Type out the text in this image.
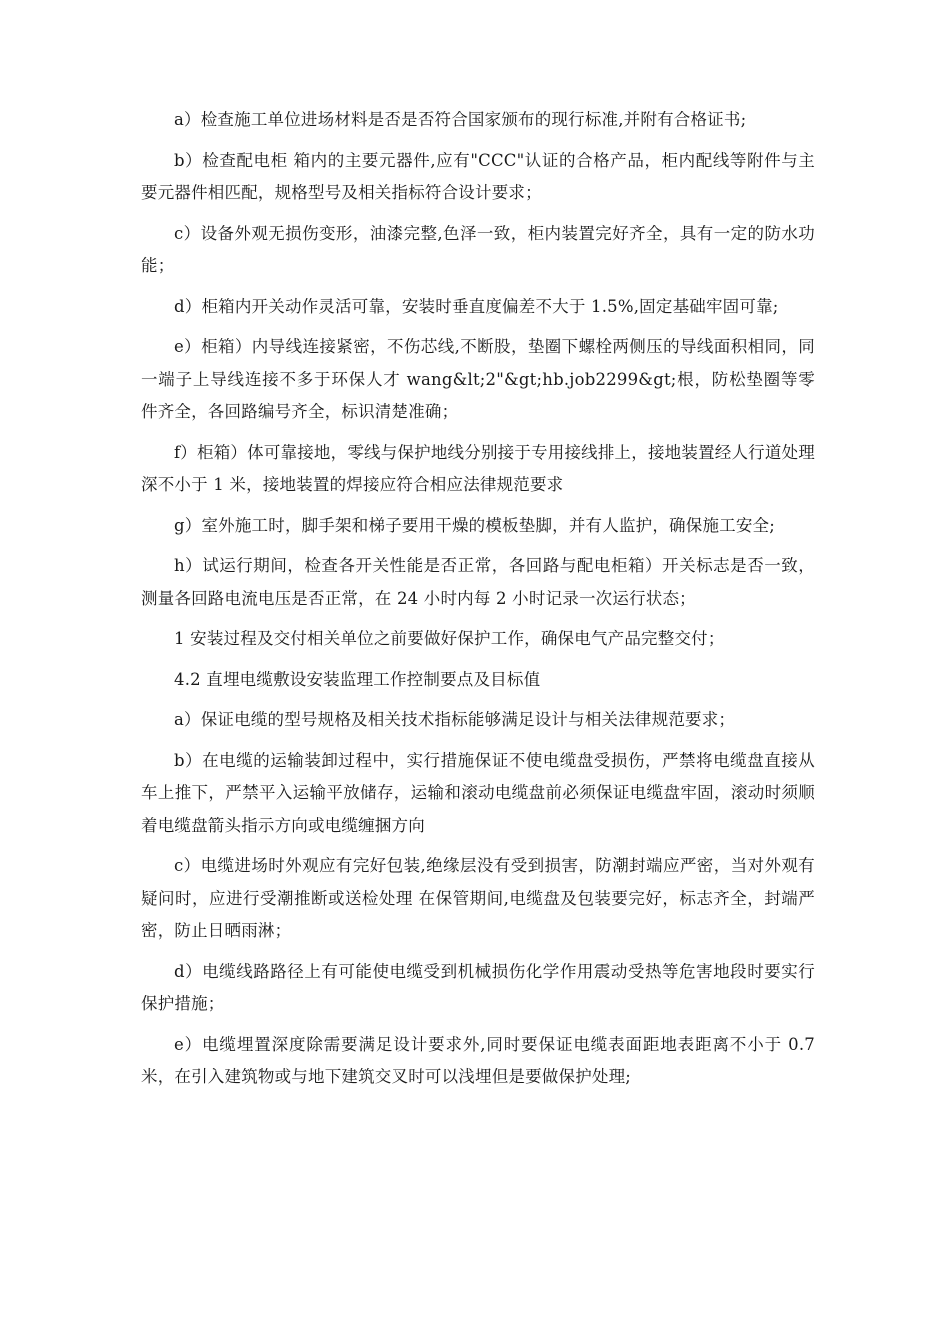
a）检查施工单位进场材料是否是否符合国家颁布的现行标准,并附有合格证书;

b）检查配电柜 箱内的主要元器件,应有"CCC"认证的合格产品，柜内配线等附件与主要元器件相匹配，规格型号及相关指标符合设计要求；

c）设备外观无损伤变形，油漆完整,色泽一致，柜内装置完好齐全，具有一定的防水功能；

d）柜箱内开关动作灵活可靠，安装时垂直度偏差不大于 1.5%,固定基础牢固可靠;

e）柜箱）内导线连接紧密，不伤芯线,不断股，垫圈下螺栓两侧压的导线面积相同，同一端子上导线连接不多于环保人才 wang&lt;2"&gt;hb.job2299&gt;根，防松垫圈等零件齐全，各回路编号齐全，标识清楚准确；

f）柜箱）体可靠接地，零线与保护地线分别接于专用接线排上，接地装置经人行道处理深不小于 1 米，接地装置的焊接应符合相应法律规范要求

g）室外施工时，脚手架和梯子要用干燥的模板垫脚，并有人监护，确保施工安全;

h）试运行期间，检查各开关性能是否正常，各回路与配电柜箱）开关标志是否一致，测量各回路电流电压是否正常，在 24 小时内每 2 小时记录一次运行状态；

1 安装过程及交付相关单位之前要做好保护工作，确保电气产品完整交付；

4.2 直埋电缆敷设安装监理工作控制要点及目标值

a）保证电缆的型号规格及相关技术指标能够满足设计与相关法律规范要求；

b）在电缆的运输装卸过程中，实行措施保证不使电缆盘受损伤，严禁将电缆盘直接从车上推下，严禁平入运输平放储存，运输和滚动电缆盘前必须保证电缆盘牢固，滚动时须顺着电缆盘箭头指示方向或电缆缠捆方向

c）电缆进场时外观应有完好包装,绝缘层没有受到损害，防潮封端应严密，当对外观有疑问时，应进行受潮推断或送检处理 在保管期间,电缆盘及包装要完好，标志齐全，封端严密，防止日晒雨淋；

d）电缆线路路径上有可能使电缆受到机械损伤化学作用震动受热等危害地段时要实行保护措施；

e）电缆埋置深度除需要满足设计要求外,同时要保证电缆表面距地表距离不小于 0.7 米，在引入建筑物或与地下建筑交叉时可以浅埋但是要做保护处理;
